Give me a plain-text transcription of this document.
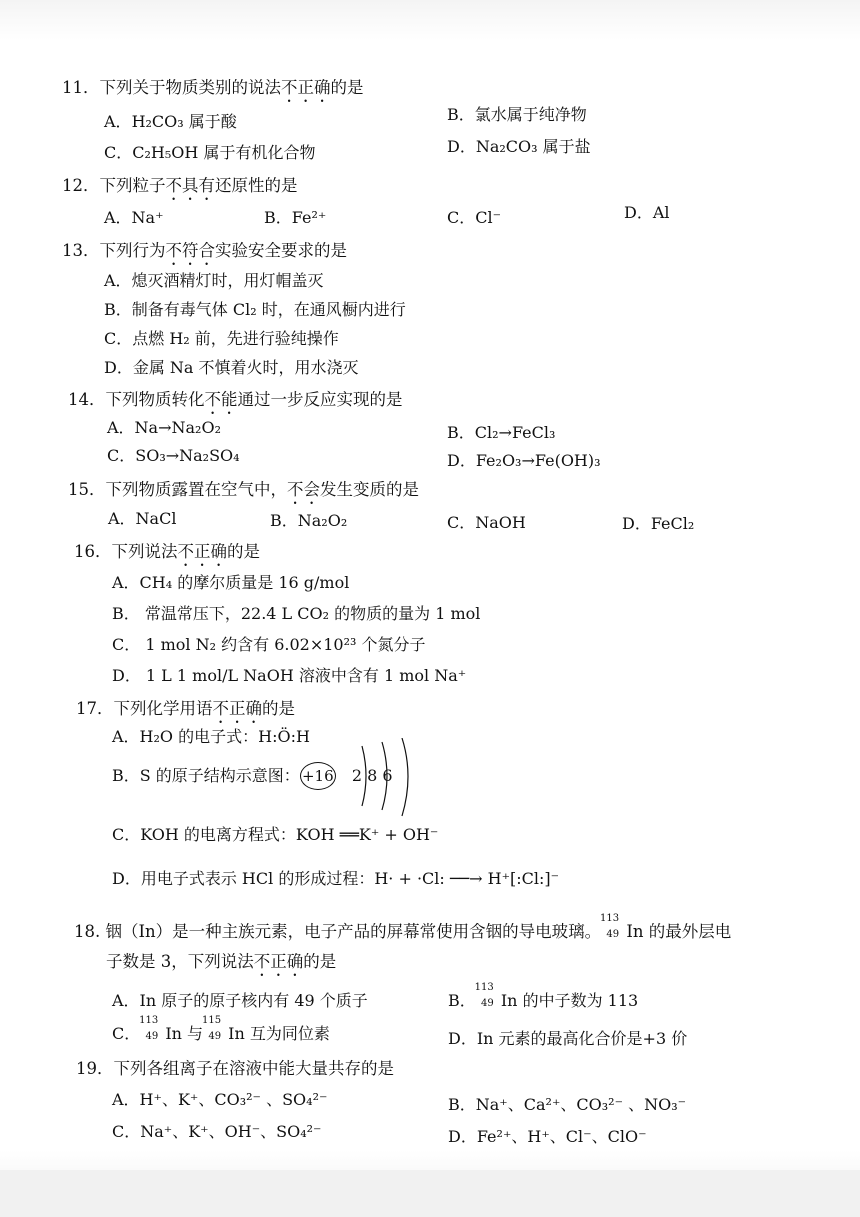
11．下列关于物质类别的说法不正确的是
A．H₂CO₃ 属于酸	B．氯水属于纯净物
C．C₂H₅OH 属于有机化合物	D．Na₂CO₃ 属于盐
12．下列粒子不具有还原性的是
A．Na⁺	B．Fe²⁺	C．Cl⁻	D．Al
13．下列行为不符合实验安全要求的是
A．熄灭酒精灯时，用灯帽盖灭
B．制备有毒气体 Cl₂ 时，在通风橱内进行
C．点燃 H₂ 前，先进行验纯操作
D．金属 Na 不慎着火时，用水浇灭
14．下列物质转化不能通过一步反应实现的是
A．Na→Na₂O₂	B．Cl₂→FeCl₃
C．SO₃→Na₂SO₄	D．Fe₂O₃→Fe(OH)₃
15．下列物质露置在空气中，不会发生变质的是
A．NaCl	B．Na₂O₂	C．NaOH	D．FeCl₂
16．下列说法不正确的是
A．CH₄ 的摩尔质量是 16 g/mol
B． 常温常压下，22.4 L CO₂ 的物质的量为 1 mol
C． 1 mol N₂ 约含有 6.02×10²³ 个氮分子
D． 1 L 1 mol/L NaOH 溶液中含有 1 mol Na⁺
17．下列化学用语不正确的是
A．H₂O 的电子式：H:Ö:H
B．S 的原子结构示意图： +16 2 8 6
C．KOH 的电离方程式：KOH ══K⁺ + OH⁻
D．用电子式表示 HCl 的形成过程：H· + ·Cl: ──→ H⁺[:Cl:]⁻
18. 铟（In）是一种主族元素，电子产品的屏幕常使用含铟的导电玻璃。
113
49 In 的最外层电
子数是 3，下列说法不正确的是
A．In 原子的原子核内有 49 个质子	B．
113
49 In 的中子数为 113
C．
113
49 In 与
115
49 In 互为同位素	D．In 元素的最高化合价是+3 价
19．下列各组离子在溶液中能大量共存的是
A．H⁺、K⁺、CO₃²⁻ 、SO₄²⁻	B．Na⁺、Ca²⁺、CO₃²⁻ 、NO₃⁻
C．Na⁺、K⁺、OH⁻、SO₄²⁻	D．Fe²⁺、H⁺、Cl⁻、ClO⁻
